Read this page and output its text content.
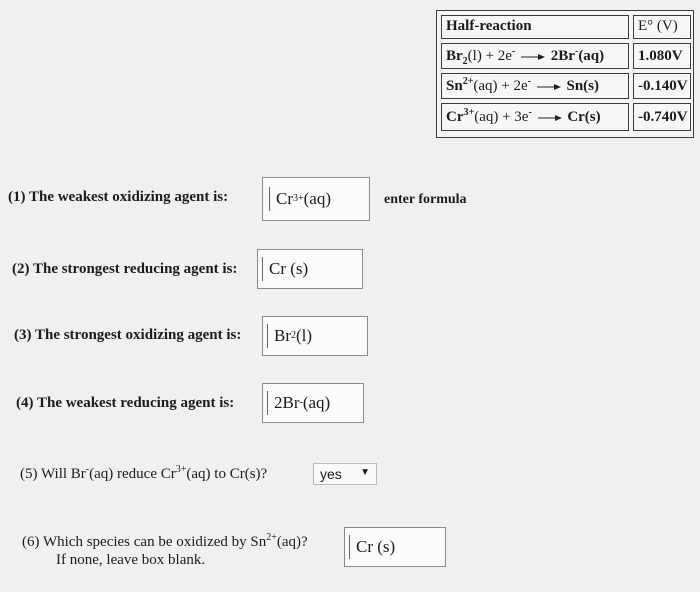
Half-reaction	E° (V)
$Br_2(l) + 2e^- \to 2Br^-(aq)$	1.080V
$Sn^{2+}(aq) + 2e^- \to Sn(s)$	-0.140V
$Cr^{3+}(aq) + 3e^- \to Cr(s)$	-0.740V
(1) The weakest oxidizing agent is:	Cr 3+ (aq)	enter formula
(2) The strongest reducing agent is: Cr (s)
(3) The strongest oxidizing agent is: Br 2 (l)
(4) The weakest reducing agent is: 2Br - (aq)
(5) Will Br-(aq) reduce $Cr^{3+}(aq)$ to Cr(s)?	yes ▼
(6) Which species can be oxidized by $Sn^{2+}(aq)$?
If none, leave box blank.
Cr (s)
